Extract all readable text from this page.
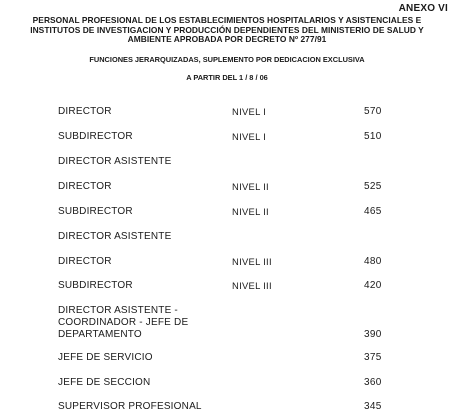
ANEXO VI
PERSONAL PROFESIONAL DE LOS ESTABLECIMIENTOS HOSPITALARIOS Y ASISTENCIALES E
INSTITUTOS DE INVESTIGACION Y PRODUCCIÓN DEPENDIENTES DEL MINISTERIO DE SALUD Y
AMBIENTE APROBADA POR DECRETO Nº 277/91
FUNCIONES JERARQUIZADAS, SUPLEMENTO POR DEDICACION EXCLUSIVA
A PARTIR DEL 1 / 8 / 06
DIRECTOR	NIVEL I	570
SUBDIRECTOR	NIVEL I	510
DIRECTOR ASISTENTE
DIRECTOR	NIVEL II	525
SUBDIRECTOR	NIVEL II	465
DIRECTOR ASISTENTE
DIRECTOR	NIVEL III	480
SUBDIRECTOR	NIVEL III	420
DIRECTOR ASISTENTE -
COORDINADOR - JEFE DE
DEPARTAMENTO	390
JEFE DE SERVICIO	375
JEFE DE SECCION	360
SUPERVISOR PROFESIONAL	345
